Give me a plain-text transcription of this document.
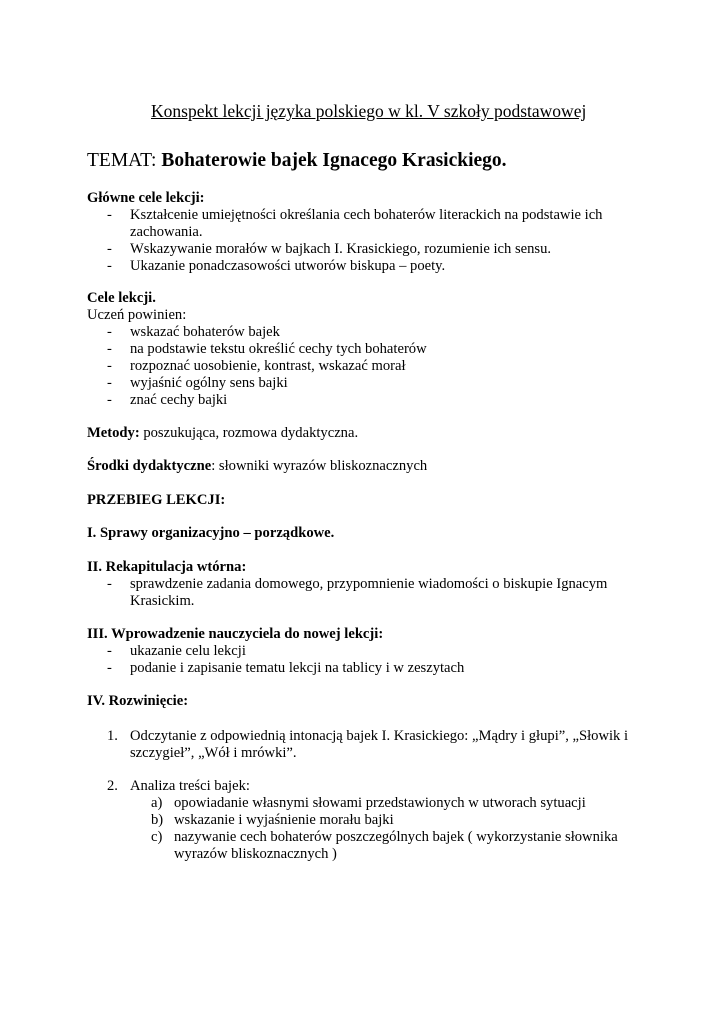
Konspekt lekcji języka polskiego w kl. V szkoły podstawowej
TEMAT: Bohaterowie bajek Ignacego Krasickiego.
Główne cele lekcji:
- Kształcenie umiejętności określania cech bohaterów literackich na podstawie ich
zachowania.
- Wskazywanie morałów w bajkach I. Krasickiego, rozumienie ich sensu.
- Ukazanie ponadczasowości utworów biskupa – poety.
Cele lekcji.
Uczeń powinien:
- wskazać bohaterów bajek
- na podstawie tekstu określić cechy tych bohaterów
- rozpoznać uosobienie, kontrast, wskazać morał
- wyjaśnić ogólny sens bajki
- znać cechy bajki
Metody: poszukująca, rozmowa dydaktyczna.
Środki dydaktyczne: słowniki wyrazów bliskoznacznych
PRZEBIEG LEKCJI:
I. Sprawy organizacyjno – porządkowe.
II. Rekapitulacja wtórna:
- sprawdzenie zadania domowego, przypomnienie wiadomości o biskupie Ignacym
Krasickim.
III. Wprowadzenie nauczyciela do nowej lekcji:
- ukazanie celu lekcji
- podanie i zapisanie tematu lekcji na tablicy i w zeszytach
IV. Rozwinięcie:
1. Odczytanie z odpowiednią intonacją bajek I. Krasickiego: „Mądry i głupi”, „Słowik i
szczygieł”, „Wół i mrówki”.
2. Analiza treści bajek:
a) opowiadanie własnymi słowami przedstawionych w utworach sytuacji
b) wskazanie i wyjaśnienie morału bajki
c) nazywanie cech bohaterów poszczególnych bajek ( wykorzystanie słownika
wyrazów bliskoznacznych )
